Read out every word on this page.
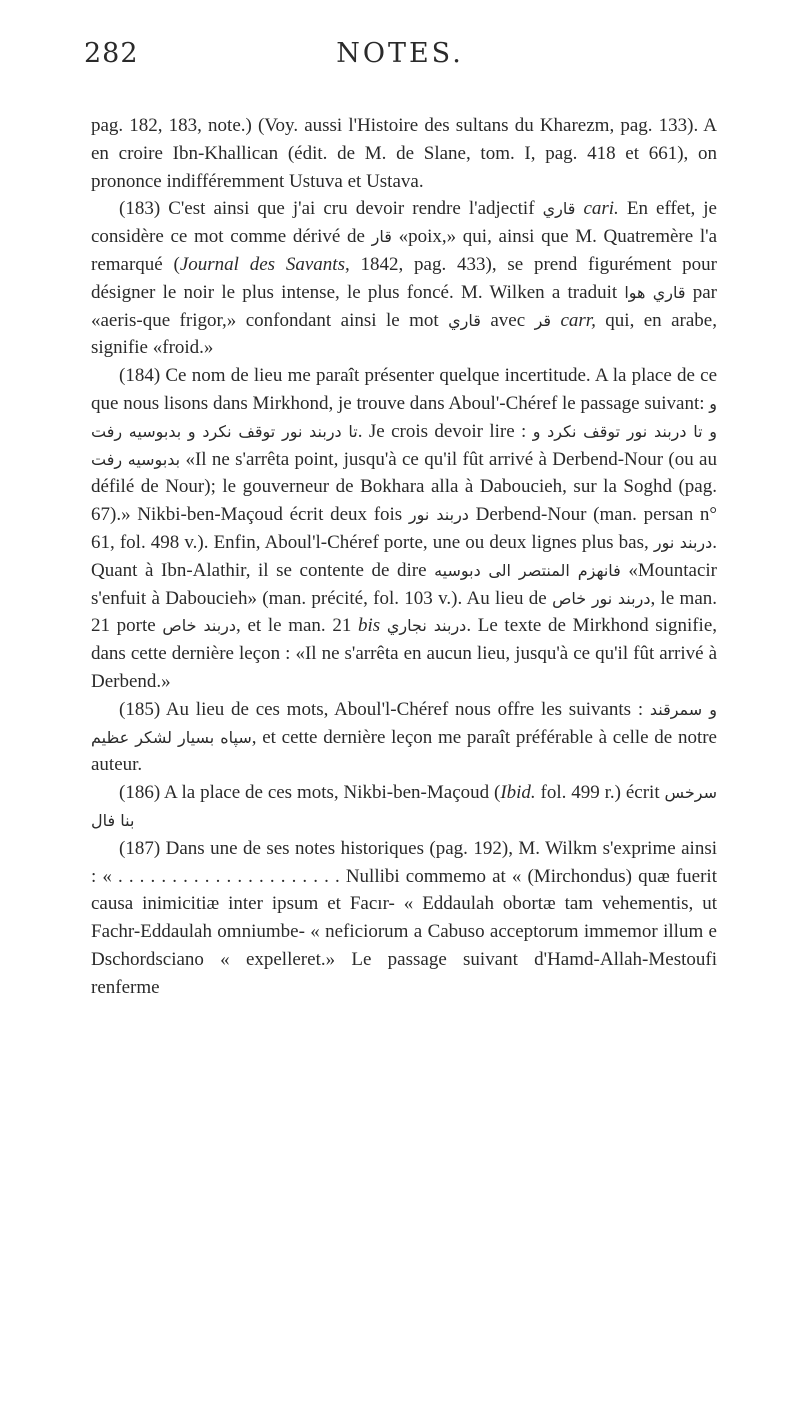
282	NOTES.

pag. 182, 183, note.) (Voy. aussi l'Histoire des sultans du Kharezm, pag. 133). A en croire Ibn-Khallican (édit. de M. de Slane, tom. I, pag. 418 et 661), on prononce indifféremment Ustuva et Ustava.

(183) C'est ainsi que j'ai cru devoir rendre l'adjectif قاري cari. En effet, je considère ce mot comme dérivé de قار «poix,» qui, ainsi que M. Quatremère l'a remarqué (Journal des Savants, 1842, pag. 433), se prend figurément pour désigner le noir le plus intense, le plus foncé. M. Wilken a traduit قاري هوا par «aeris-que frigor,» confondant ainsi le mot قاري avec قر carr, qui, en arabe, signifie «froid.»

(184) Ce nom de lieu me paraît présenter quelque incertitude. A la place de ce que nous lisons dans Mirkhond, je trouve dans Aboul'-Chéref le passage suivant: و تا دربند نور توقف نكرد و بدبوسيه رفت. Je crois devoir lire : و تا دربند نور توقف نكرد و بدبوسيه رفت «Il ne s'arrêta point, jusqu'à ce qu'il fût arrivé à Derbend-Nour (ou au défilé de Nour); le gouverneur de Bokhara alla à Daboucieh, sur la Soghd (pag. 67).» Nikbi-ben-Maçoud écrit deux fois دربند نور Derbend-Nour (man. persan n° 61, fol. 498 v.). Enfin, Aboul'l-Chéref porte, une ou deux lignes plus bas, دربند نور. Quant à Ibn-Alathir, il se contente de dire	فانهزم المنتصر الى دبوسيه	«Mountacir s'enfuit à Daboucieh» (man. précité, fol. 103 v.). Au lieu de دربند نور خاص, le man. 21 porte دربند خاص, et le man. 21 bis دربند نجاري. Le texte de Mirkhond signifie, dans cette dernière leçon : «Il ne s'arrêta en aucun lieu, jusqu'à ce qu'il fût arrivé à Derbend.»

(185) Au lieu de ces mots, Aboul'l-Chéref nous offre les suivants : و سمرقند سپاه بسيار لشكر عظيم, et cette dernière leçon me paraît préférable à celle de notre auteur.

(186) A la place de ces mots, Nikbi-ben-Maçoud (Ibid. fol. 499 r.) écrit سرخس بنا فال

(187) Dans une de ses notes historiques (pag. 192), M. Wilkm s'exprime ainsi : « . . . . . . . . . . . . . . . . . . . . . Nullibi commemo at « (Mirchondus) quæ fuerit causa inimicitiæ inter ipsum et Facır- « Eddaulah obortæ tam vehementis, ut Fachr-Eddaulah omniumbe- « neficiorum a Cabuso acceptorum immemor illum e Dschordsciano « expelleret.» Le passage suivant d'Hamd-Allah-Mestoufi renferme
